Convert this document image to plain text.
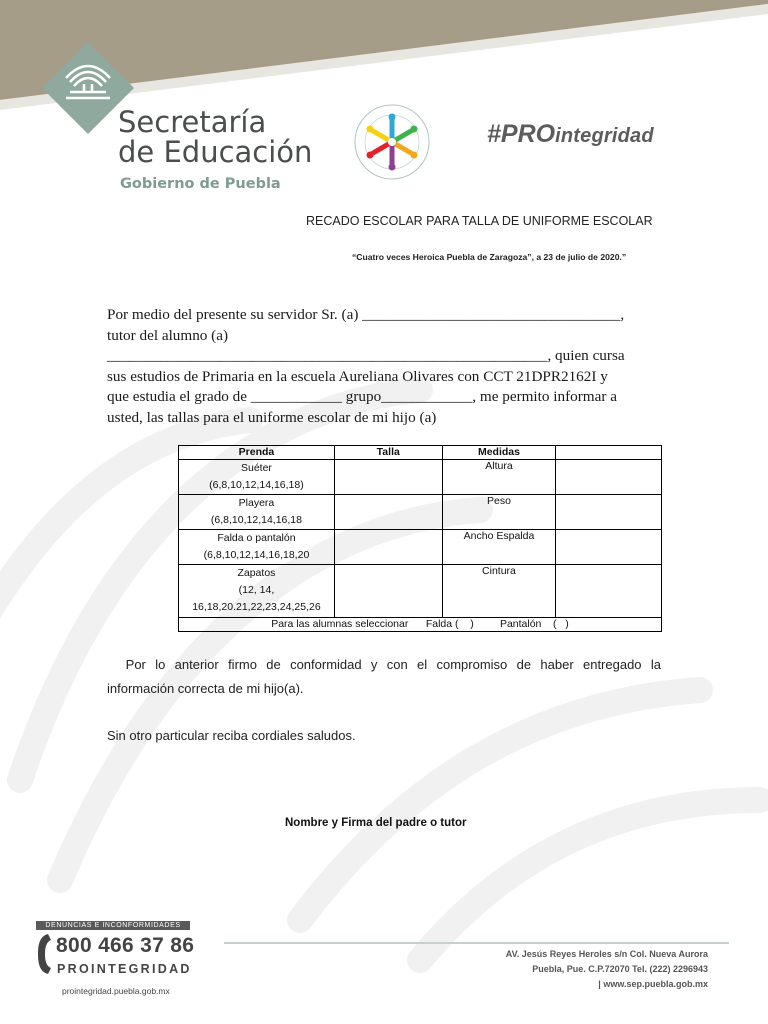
Secretaría
de Educación
Gobierno de Puebla
#PROintegridad
RECADO ESCOLAR PARA TALLA DE UNIFORME ESCOLAR
“Cuatro veces Heroica Puebla de Zaragoza”, a 23 de julio de 2020.”
Por medio del presente su servidor Sr. (a) __________________________________,
tutor del alumno (a)
__________________________________________________________, quien cursa
sus estudios de Primaria en la escuela Aureliana Olivares con CCT 21DPR2162I y
que estudia el grado de ____________ grupo____________, me permito informar a
usted, las tallas para el uniforme escolar de mi hijo (a)
Prenda	Talla	Medidas	

Suéter
(6,8,10,12,14,16,18)		Altura	

Playera
(6,8,10,12,14,16,18		Peso	

Falda o pantalón
(6,8,10,12,14,16,18,20		Ancho Espalda	

Zapatos
(12, 14,
16,18,20.21,22,23,24,25,26		Cintura	
Para las alumnas seleccionar      Falda (    )         Pantalón    (   )			
Por lo anterior firmo de conformidad y con el compromiso de haber entregado la
información correcta de mi hijo(a).
Sin otro particular reciba cordiales saludos.
Nombre y Firma del padre o tutor
DENUNCIAS E INCONFORMIDADES
800 466 37 86
PROINTEGRIDAD
prointegridad.puebla.gob.mx
AV. Jesús Reyes Heroles s/n Col. Nueva Aurora
Puebla, Pue. C.P.72070 Tel. (222) 2296943
| www.sep.puebla.gob.mx
